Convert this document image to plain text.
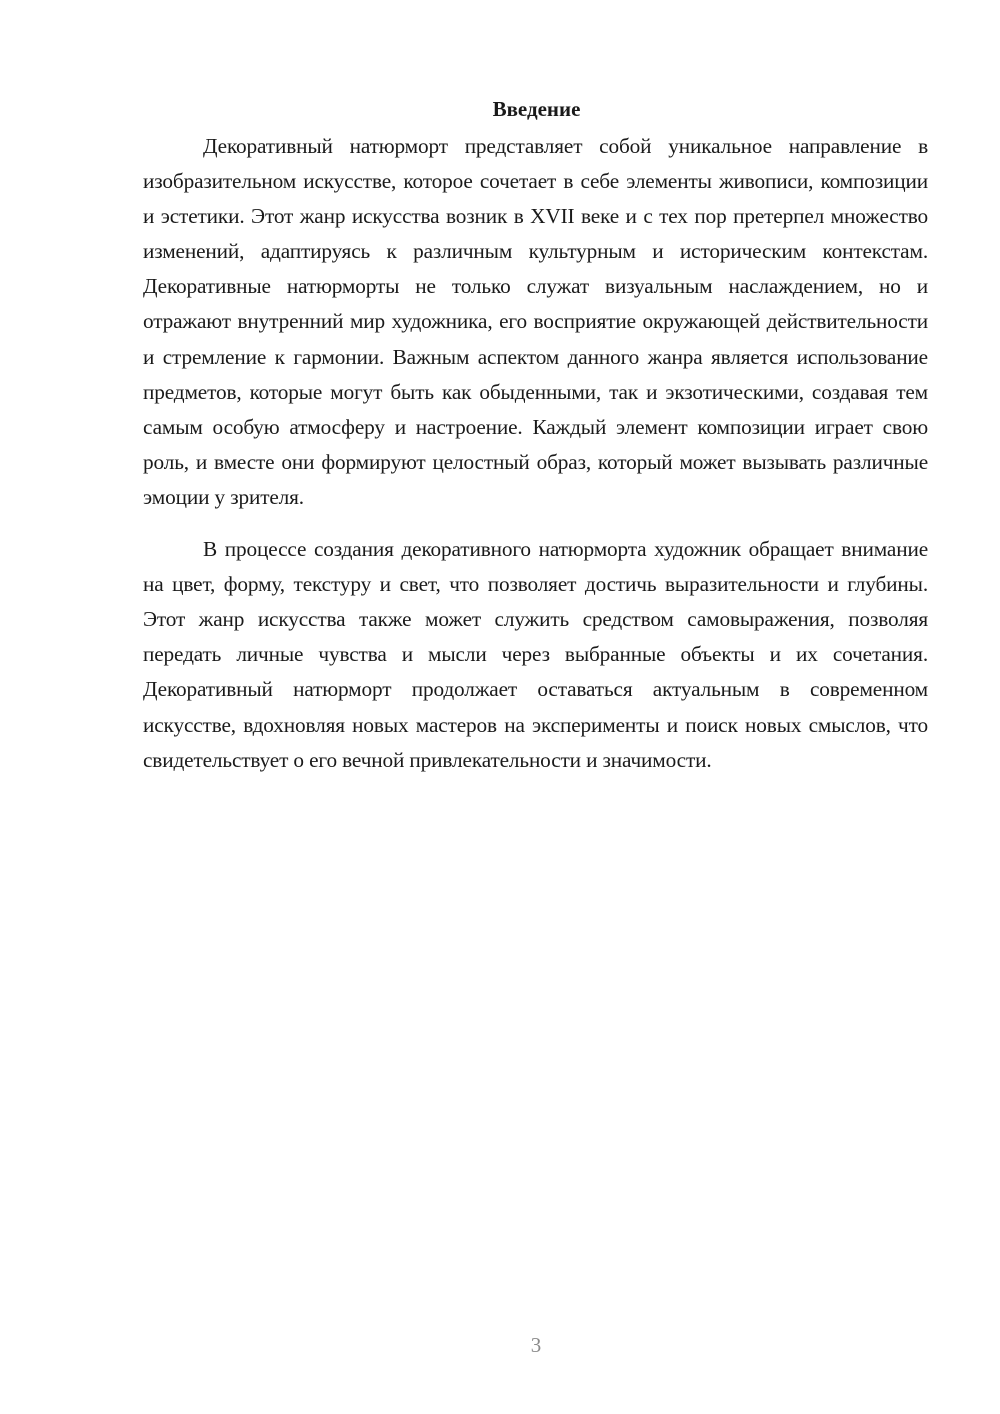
Введение

Декоративный натюрморт представляет собой уникальное направление в изобразительном искусстве, которое сочетает в себе элементы живописи, композиции и эстетики. Этот жанр искусства возник в XVII веке и с тех пор претерпел множество изменений, адаптируясь к различным культурным и историческим контекстам. Декоративные натюрморты не только служат визуальным наслаждением, но и отражают внутренний мир художника, его восприятие окружающей действительности и стремление к гармонии. Важным аспектом данного жанра является использование предметов, которые могут быть как обыденными, так и экзотическими, создавая тем самым особую атмосферу и настроение. Каждый элемент композиции играет свою роль, и вместе они формируют целостный образ, который может вызывать различные эмоции у зрителя.

В процессе создания декоративного натюрморта художник обращает внимание на цвет, форму, текстуру и свет, что позволяет достичь выразительности и глубины. Этот жанр искусства также может служить средством самовыражения, позволяя передать личные чувства и мысли через выбранные объекты и их сочетания. Декоративный натюрморт продолжает оставаться актуальным в современном искусстве, вдохновляя новых мастеров на эксперименты и поиск новых смыслов, что свидетельствует о его вечной привлекательности и значимости.

3
